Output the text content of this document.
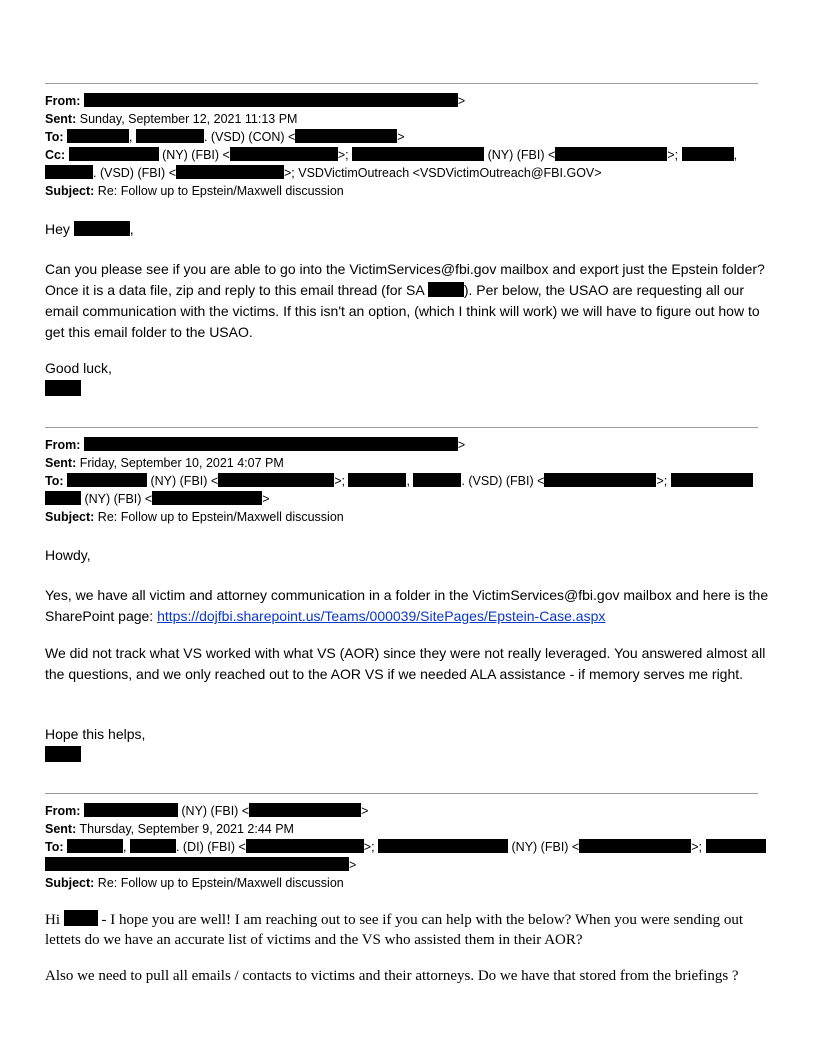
From:	>
Sent: Sunday, September 12, 2021 11:13 PM
To:	,	. (VSD) (CON) <	>
Cc:	(NY) (FBI) <	>;	(NY) (FBI) <	>;	,
. (VSD) (FBI) <	>; VSDVictimOutreach <VSDVictimOutreach@FBI.GOV>
Subject: Re: Follow up to Epstein/Maxwell discussion

Hey	,

Can you please see if you are able to go into the VictimServices@fbi.gov mailbox and export just the Epstein folder? Once it is a data file, zip and reply to this email thread (for SA	). Per below, the USAO are requesting all our email communication with the victims. If this isn't an option, (which I think will work) we will have to figure out how to get this email folder to the USAO.

Good luck,

From:	>
Sent: Friday, September 10, 2021 4:07 PM
To:	(NY) (FBI) <	>;	,	. (VSD) (FBI) <	>;
(NY) (FBI) <	>
Subject: Re: Follow up to Epstein/Maxwell discussion

Howdy,

Yes, we have all victim and attorney communication in a folder in the VictimServices@fbi.gov mailbox and here is the SharePoint page: https://dojfbi.sharepoint.us/Teams/000039/SitePages/Epstein-Case.aspx

We did not track what VS worked with what VS (AOR) since they were not really leveraged. You answered almost all the questions, and we only reached out to the AOR VS if we needed ALA assistance - if memory serves me right.

Hope this helps,

From:	(NY) (FBI) <	>
Sent: Thursday, September 9, 2021 2:44 PM
To:	,	. (DI) (FBI) <	>;	(NY) (FBI) <	>;
>
Subject: Re: Follow up to Epstein/Maxwell discussion

Hi	- I hope you are well! I am reaching out to see if you can help with the below? When you were sending out lettets do we have an accurate list of victims and the VS who assisted them in their AOR?

Also we need to pull all emails / contacts to victims and their attorneys. Do we have that stored from the briefings ?
